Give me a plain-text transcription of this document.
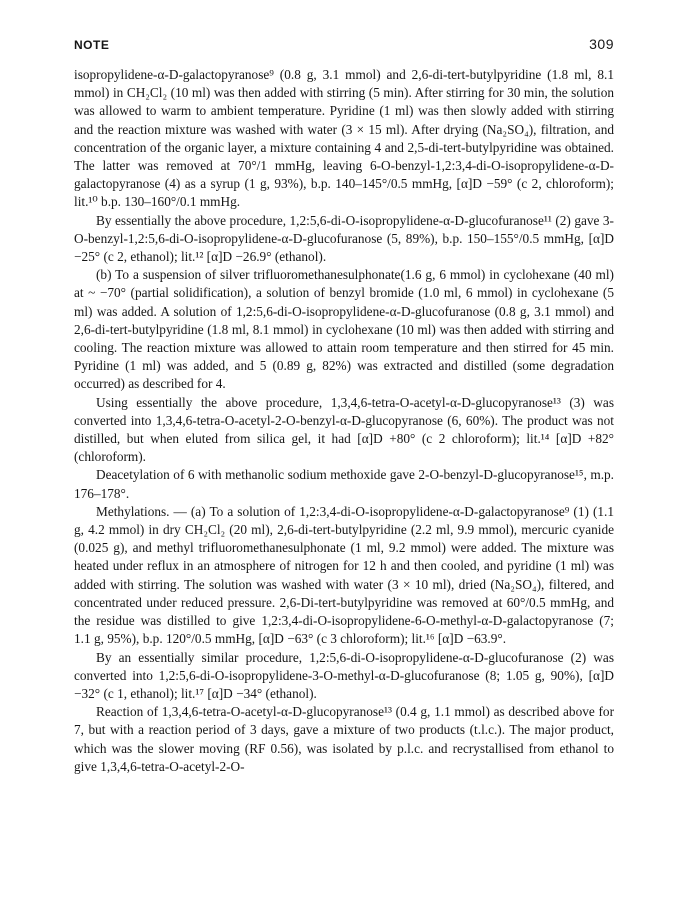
NOTE	309

isopropylidene-α-D-galactopyranose⁹ (0.8 g, 3.1 mmol) and 2,6-di-tert-butylpyridine (1.8 ml, 8.1 mmol) in CH₂Cl₂ (10 ml) was then added with stirring (5 min). After stirring for 30 min, the solution was allowed to warm to ambient temperature. Pyridine (1 ml) was then slowly added with stirring and the reaction mixture was washed with water (3 × 15 ml). After drying (Na₂SO₄), filtration, and concentration of the organic layer, a mixture containing 4 and 2,5-di-tert-butylpyridine was obtained. The latter was removed at 70°/1 mmHg, leaving 6-O-benzyl-1,2:3,4-di-O-isopropylidene-α-D-galactopyranose (4) as a syrup (1 g, 93%), b.p. 140–145°/0.5 mmHg, [α]D −59° (c 2, chloroform); lit.¹⁰ b.p. 130–160°/0.1 mmHg.

By essentially the above procedure, 1,2:5,6-di-O-isopropylidene-α-D-glucofuranose¹¹ (2) gave 3-O-benzyl-1,2:5,6-di-O-isopropylidene-α-D-glucofuranose (5, 89%), b.p. 150–155°/0.5 mmHg, [α]D −25° (c 2, ethanol); lit.¹² [α]D −26.9° (ethanol).

(b) To a suspension of silver trifluoromethanesulphonate(1.6 g, 6 mmol) in cyclohexane (40 ml) at ~ −70° (partial solidification), a solution of benzyl bromide (1.0 ml, 6 mmol) in cyclohexane (5 ml) was added. A solution of 1,2:5,6-di-O-isopropylidene-α-D-glucofuranose (0.8 g, 3.1 mmol) and 2,6-di-tert-butylpyridine (1.8 ml, 8.1 mmol) in cyclohexane (10 ml) was then added with stirring and cooling. The reaction mixture was allowed to attain room temperature and then stirred for 45 min. Pyridine (1 ml) was added, and 5 (0.89 g, 82%) was extracted and distilled (some degradation occurred) as described for 4.

Using essentially the above procedure, 1,3,4,6-tetra-O-acetyl-α-D-glucopyranose¹³ (3) was converted into 1,3,4,6-tetra-O-acetyl-2-O-benzyl-α-D-glucopyranose (6, 60%). The product was not distilled, but when eluted from silica gel, it had [α]D +80° (c 2 chloroform); lit.¹⁴ [α]D +82° (chloroform).

Deacetylation of 6 with methanolic sodium methoxide gave 2-O-benzyl-D-glucopyranose¹⁵, m.p. 176–178°.

Methylations. — (a) To a solution of 1,2:3,4-di-O-isopropylidene-α-D-galactopyranose⁹ (1) (1.1 g, 4.2 mmol) in dry CH₂Cl₂ (20 ml), 2,6-di-tert-butylpyridine (2.2 ml, 9.9 mmol), mercuric cyanide (0.025 g), and methyl trifluoromethanesulphonate (1 ml, 9.2 mmol) were added. The mixture was heated under reflux in an atmosphere of nitrogen for 12 h and then cooled, and pyridine (1 ml) was added with stirring. The solution was washed with water (3 × 10 ml), dried (Na₂SO₄), filtered, and concentrated under reduced pressure. 2,6-Di-tert-butylpyridine was removed at 60°/0.5 mmHg, and the residue was distilled to give 1,2:3,4-di-O-isopropylidene-6-O-methyl-α-D-galactopyranose (7; 1.1 g, 95%), b.p. 120°/0.5 mmHg, [α]D −63° (c 3 chloroform); lit.¹⁶ [α]D −63.9°.

By an essentially similar procedure, 1,2:5,6-di-O-isopropylidene-α-D-glucofuranose (2) was converted into 1,2:5,6-di-O-isopropylidene-3-O-methyl-α-D-glucofuranose (8; 1.05 g, 90%), [α]D −32° (c 1, ethanol); lit.¹⁷ [α]D −34° (ethanol).

Reaction of 1,3,4,6-tetra-O-acetyl-α-D-glucopyranose¹³ (0.4 g, 1.1 mmol) as described above for 7, but with a reaction period of 3 days, gave a mixture of two products (t.l.c.). The major product, which was the slower moving (RF 0.56), was isolated by p.l.c. and recrystallised from ethanol to give 1,3,4,6-tetra-O-acetyl-2-O-
